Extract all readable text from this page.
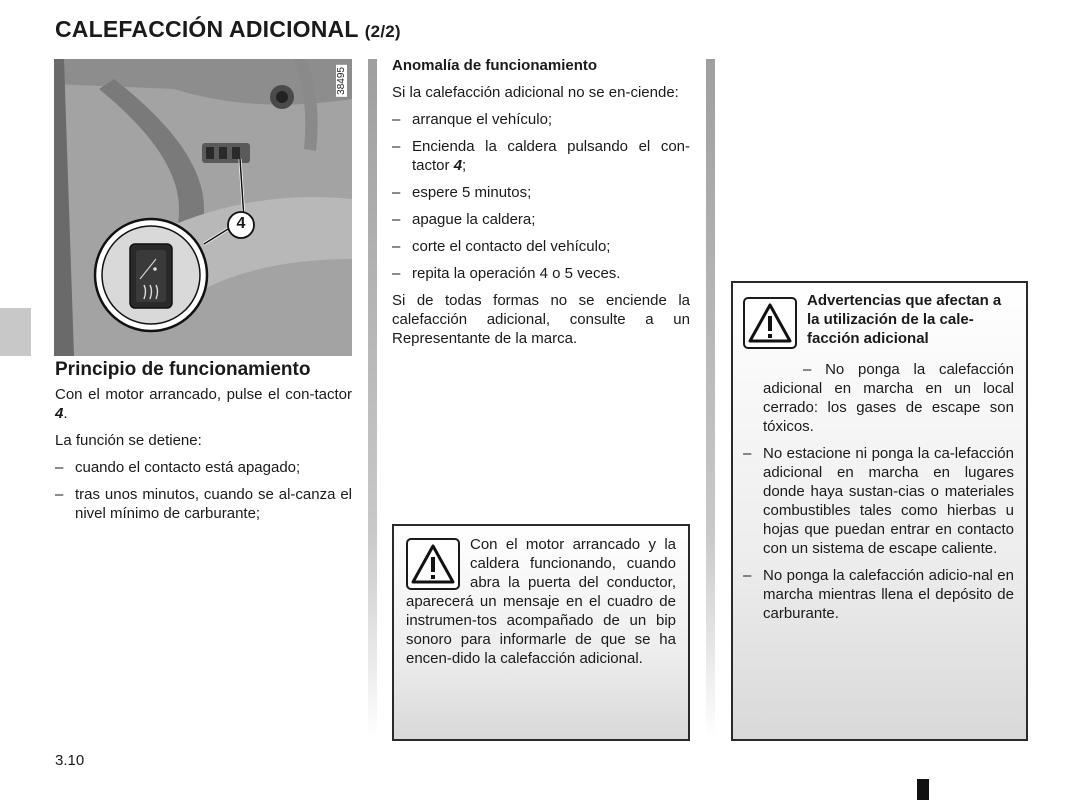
CALEFACCIÓN ADICIONAL (2/2)
4
38495
Principio de funcionamiento

Con el motor arrancado, pulse el con-tactor 4.

La función se detiene:

– cuando el contacto está apagado;
– tras unos minutos, cuando se al-canza el nivel mínimo de carburante;
Anomalía de funcionamiento

Si la calefacción adicional no se en-ciende:

– arranque el vehículo;
– Encienda la caldera pulsando el con-tactor 4;
– espere 5 minutos;
– apague la caldera;
– corte el contacto del vehículo;
– repita la operación 4 o 5 veces.

Si de todas formas no se enciende la calefacción adicional, consulte a un Representante de la marca.

Con el motor arrancado y la caldera funcionando, cuando abra la puerta del conductor, aparecerá un mensaje en el cuadro de instrumen-tos acompañado de un bip sonoro para informarle de que se ha encen-dido la calefacción adicional.

Advertencias que afectan a la utilización de la cale-facción adicional

– No ponga la calefacción adicional en marcha en un local cerrado: los gases de escape son tóxicos.

– No estacione ni ponga la ca-lefacción adicional en marcha en lugares donde haya sustan-cias o materiales combustibles tales como hierbas u hojas que puedan entrar en contacto con un sistema de escape caliente.
– No ponga la calefacción adicio-nal en marcha mientras llena el depósito de carburante.
3.10
